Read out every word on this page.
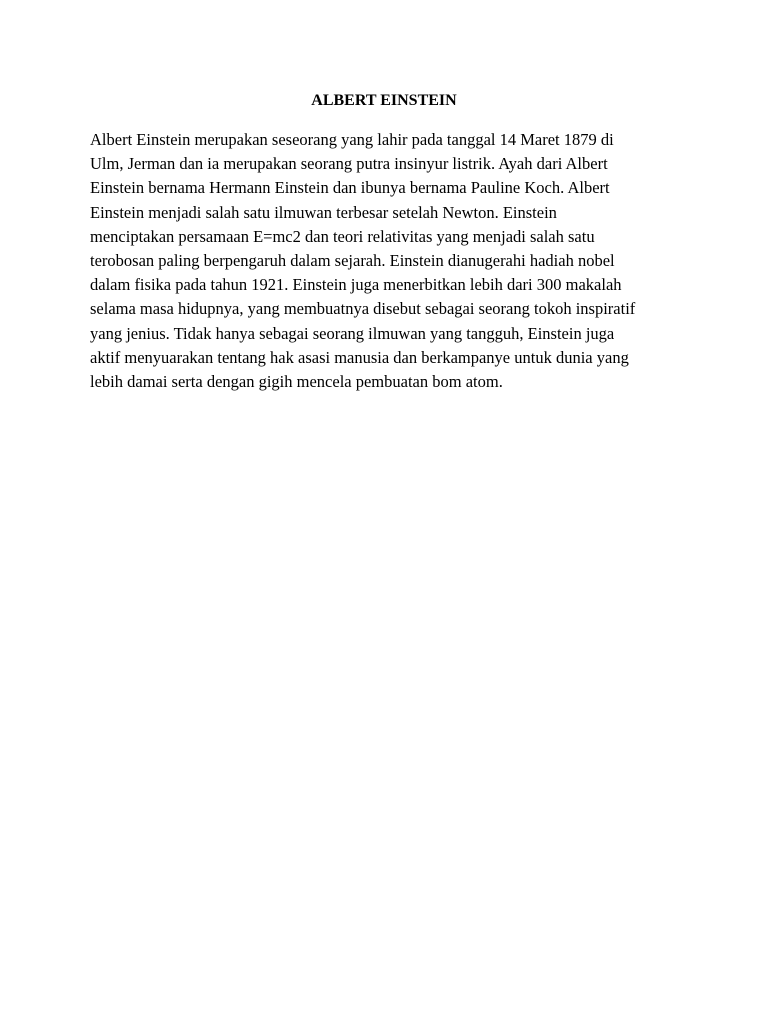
ALBERT EINSTEIN
Albert Einstein merupakan seseorang yang lahir pada tanggal 14 Maret 1879 di
Ulm, Jerman dan ia merupakan seorang putra insinyur listrik. Ayah dari Albert
Einstein bernama Hermann Einstein dan ibunya bernama Pauline Koch. Albert
Einstein menjadi salah satu ilmuwan terbesar setelah Newton. Einstein
menciptakan persamaan E=mc2 dan teori relativitas yang menjadi salah satu
terobosan paling berpengaruh dalam sejarah. Einstein dianugerahi hadiah nobel
dalam fisika pada tahun 1921. Einstein juga menerbitkan lebih dari 300 makalah
selama masa hidupnya, yang membuatnya disebut sebagai seorang tokoh inspiratif
yang jenius. Tidak hanya sebagai seorang ilmuwan yang tangguh, Einstein juga
aktif menyuarakan tentang hak asasi manusia dan berkampanye untuk dunia yang
lebih damai serta dengan gigih mencela pembuatan bom atom.
